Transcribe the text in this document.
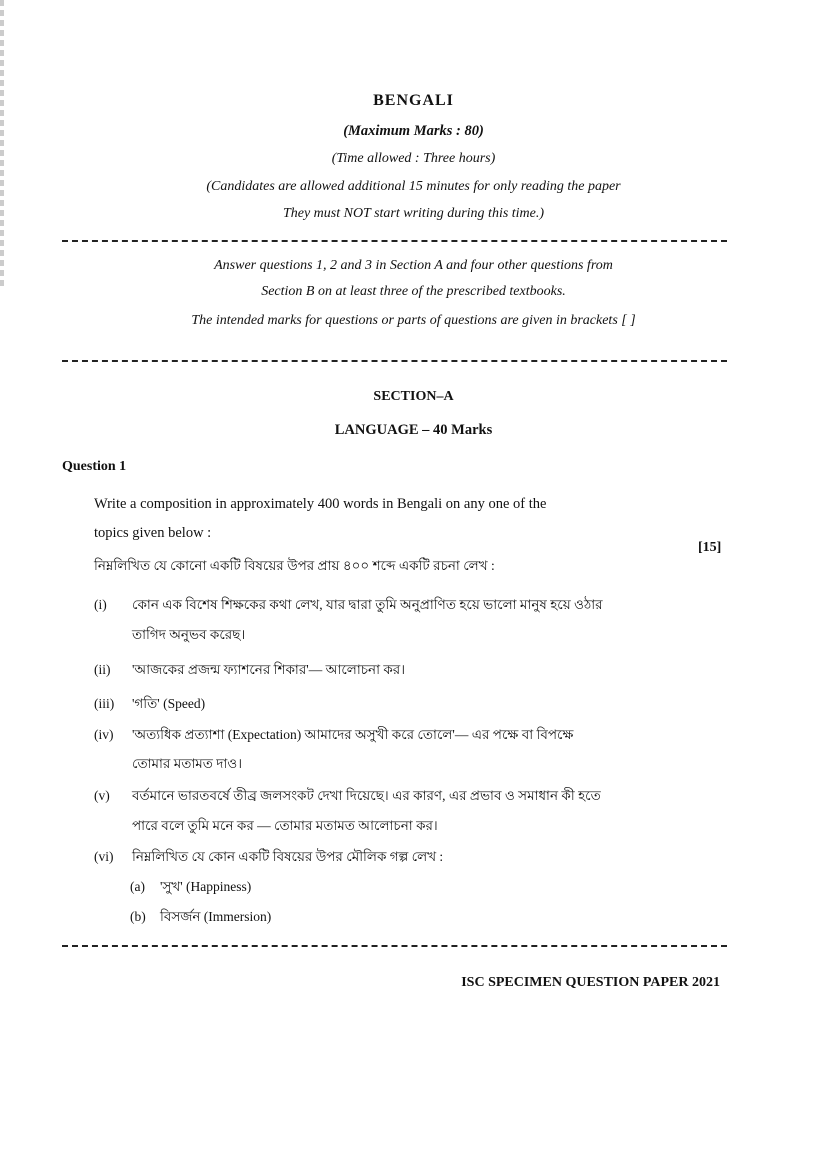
BENGALI
(Maximum Marks : 80)
(Time allowed : Three hours)
(Candidates are allowed additional 15 minutes for only reading the paper
They must NOT start writing during this time.)
Answer questions 1, 2 and 3 in Section A and four other questions from
Section B on at least three of the prescribed textbooks.
The intended marks for questions or parts of questions are given in brackets [ ]
SECTION–A
LANGUAGE – 40 Marks
Question 1
Write a composition in approximately 400 words in Bengali on any one of the
topics given below :
নিম্নলিখিত যে কোনো একটি বিষয়ের উপর প্রায় ৪০০ শব্দে একটি রচনা লেখ :
[15]
(i) কোন এক বিশেষ শিক্ষকের কথা লেখ, যার দ্বারা তুমি অনুপ্রাণিত হয়ে ভালো মানুষ হয়ে ওঠার
তাগিদ অনুভব করেছ।
(ii) 'আজকের প্রজন্ম ফ্যাশনের শিকার'— আলোচনা কর।
(iii) 'গতি' (Speed)
(iv) 'অত্যধিক প্রত্যাশা (Expectation) আমাদের অসুখী করে তোলে'— এর পক্ষে বা বিপক্ষে
তোমার মতামত দাও।
(v) বর্তমানে ভারতবর্ষে তীব্র জলসংকট দেখা দিয়েছে। এর কারণ, এর প্রভাব ও সমাধান কী হতে
পারে বলে তুমি মনে কর — তোমার মতামত আলোচনা কর।
(vi) নিম্নলিখিত যে কোন একটি বিষয়ের উপর মৌলিক গল্প লেখ :
(a) 'সুখ' (Happiness)
(b) বিসর্জন (Immersion)
ISC SPECIMEN QUESTION PAPER 2021
